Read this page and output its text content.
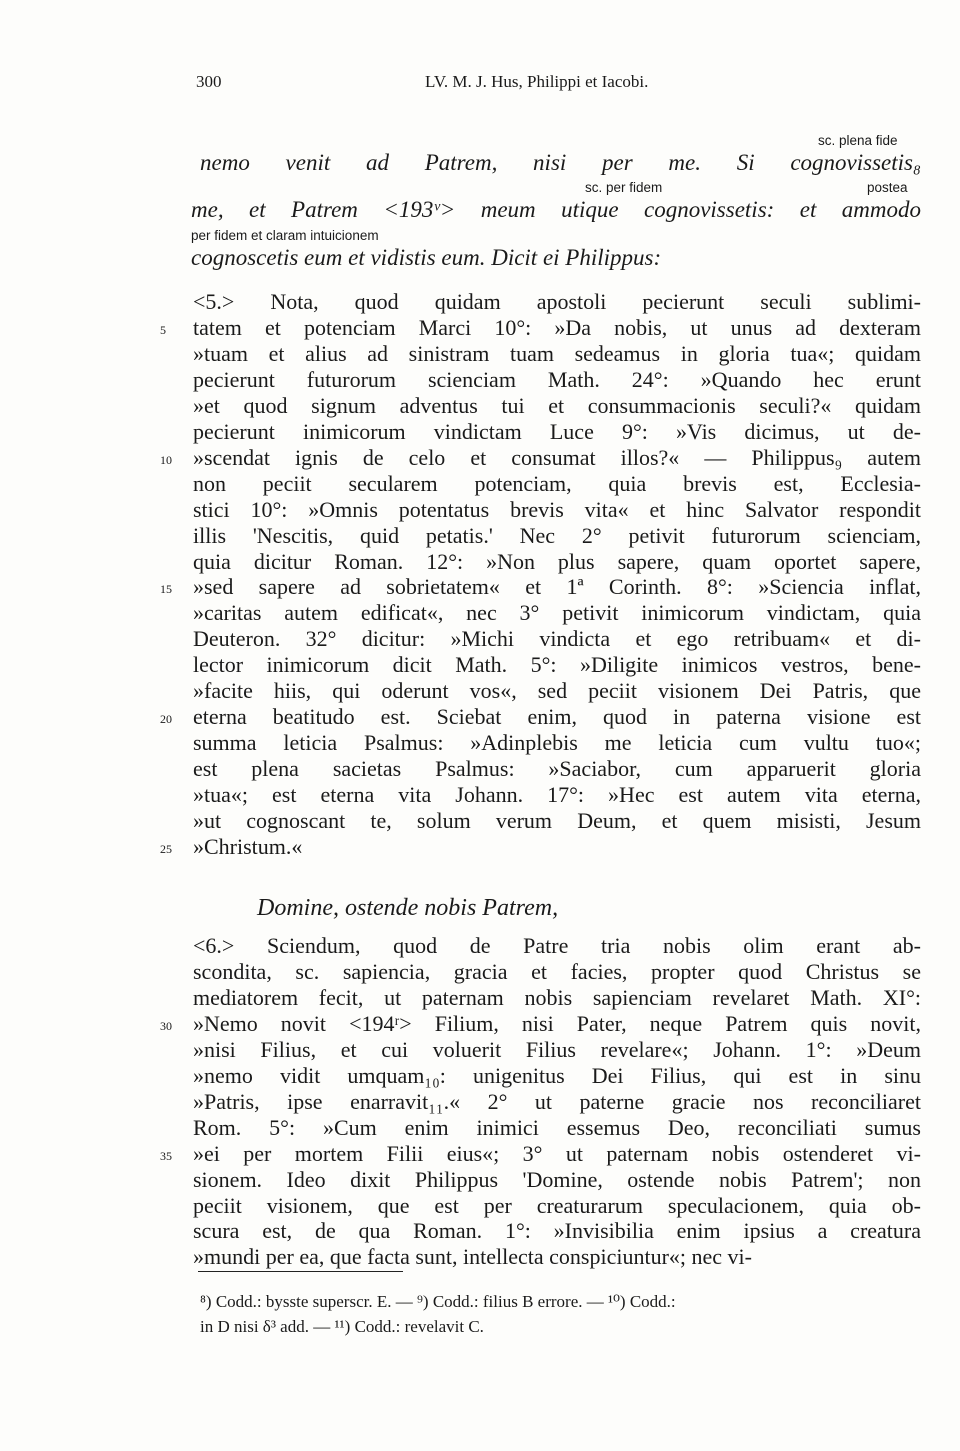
300	LV. M. J. Hus, Philippi et Iacobi.
sc. plena fide
nemo venit ad Patrem, nisi per me. Si cognovissetis₈
sc. per fidem	postea
me, et Patrem <193ᵛ> meum utique cognovissetis: et ammodo
per fidem et claram intuicionem
cognoscetis eum et vidistis eum. Dicit ei Philippus:
<5.> Nota, quod quidam apostoli pecierunt seculi sublimi-
5 tatem et potenciam Marci 10°: »Da nobis, ut unus ad dexteram
»tuam et alius ad sinistram tuam sedeamus in gloria tua«; quidam
pecierunt futurorum scienciam Math. 24°: »Quando hec erunt
»et quod signum adventus tui et consummacionis seculi?« quidam
pecierunt inimicorum vindictam Luce 9°: »Vis dicimus, ut de-
10 »scendat ignis de celo et consumat illos?« — Philippus₉ autem
non peciit secularem potenciam, quia brevis est, Ecclesia-
stici 10°: »Omnis potentatus brevis vita« et hinc Salvator respondit
illis 'Nescitis, quid petatis.' Nec 2° petivit futurorum scienciam,
quia dicitur Roman. 12°: »Non plus sapere, quam oportet sapere,
15 »sed sapere ad sobrietatem« et 1ª Corinth. 8°: »Sciencia inflat,
»caritas autem edificat«, nec 3° petivit inimicorum vindictam, quia
Deuteron. 32° dicitur: »Michi vindicta et ego retribuam« et di-
lector inimicorum dicit Math. 5°: »Diligite inimicos vestros, bene-
»facite hiis, qui oderunt vos«, sed peciit visionem Dei Patris, que
20 eterna beatitudo est. Sciebat enim, quod in paterna visione est
summa leticia Psalmus: »Adinplebis me leticia cum vultu tuo«;
est plena sacietas Psalmus: »Saciabor, cum apparuerit gloria
»tua«; est eterna vita Johann. 17°: »Hec est autem vita eterna,
»ut cognoscant te, solum verum Deum, et quem misisti, Jesum
25 »Christum.«
Domine, ostende nobis Patrem,
<6.> Sciendum, quod de Patre tria nobis olim erant ab-
scondita, sc. sapiencia, gracia et facies, propter quod Christus se
mediatorem fecit, ut paternam nobis sapienciam revelaret Math. XI°:
30 »Nemo novit <194ʳ> Filium, nisi Pater, neque Patrem quis novit,
»nisi Filius, et cui voluerit Filius revelare«; Johann. 1°: »Deum
»nemo vidit umquam₁₀: unigenitus Dei Filius, qui est in sinu
»Patris, ipse enarravit₁₁.« 2° ut paterne gracie nos reconciliaret
Rom. 5°: »Cum enim inimici essemus Deo, reconciliati sumus
35 »ei per mortem Filii eius«; 3° ut paternam nobis ostenderet vi-
sionem. Ideo dixit Philippus 'Domine, ostende nobis Patrem'; non
peciit visionem, que est per creaturarum speculacionem, quia ob-
scura est, de qua Roman. 1°: »Invisibilia enim ipsius a creatura
»mundi per ea, que facta sunt, intellecta conspiciuntur«; nec vi-
⁸) Codd.: bysste superscr. E. — ⁹) Codd.: filius B errore. — ¹⁰) Codd.:
in D nisi δ³ add. — ¹¹) Codd.: revelavit C.
